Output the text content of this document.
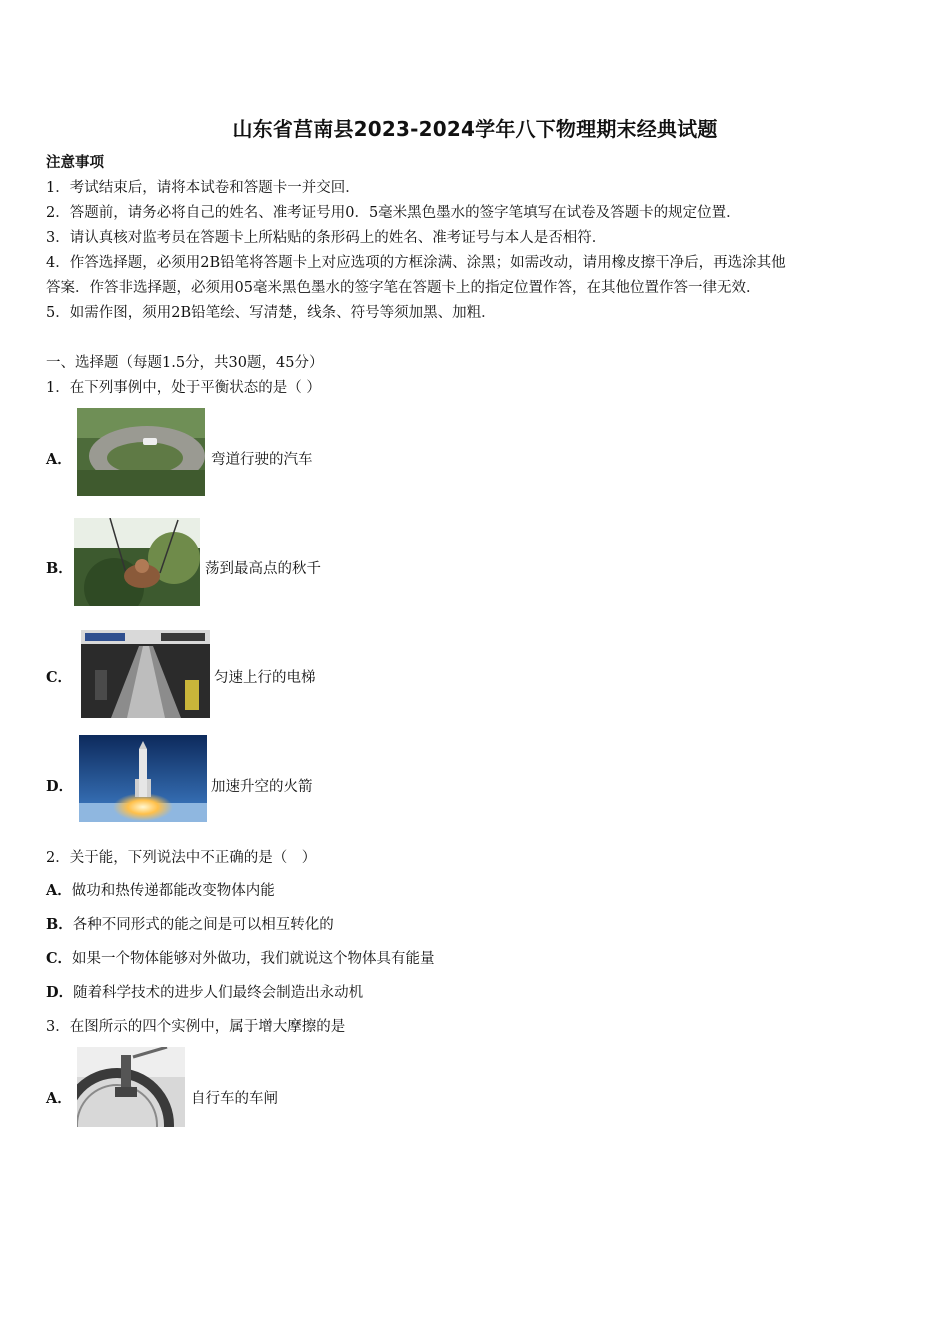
山东省莒南县2023-2024学年八下物理期末经典试题
注意事项
1．考试结束后，请将本试卷和答题卡一并交回．
2．答题前，请务必将自己的姓名、准考证号用0．5毫米黑色墨水的签字笔填写在试卷及答题卡的规定位置．
3．请认真核对监考员在答题卡上所粘贴的条形码上的姓名、准考证号与本人是否相符．
4．作答选择题，必须用2B铅笔将答题卡上对应选项的方框涂满、涂黑；如需改动，请用橡皮擦干净后，再选涂其他
答案．作答非选择题，必须用05毫米黑色墨水的签字笔在答题卡上的指定位置作答，在其他位置作答一律无效．
5．如需作图，须用2B铅笔绘、写清楚，线条、符号等须加黑、加粗．
一、选择题（每题1.5分，共30题，45分）
1．在下列事例中，处于平衡状态的是（ ）
A．	弯道行驶的汽车
B．	荡到最高点的秋千
C．	匀速上行的电梯
D．	加速升空的火箭
2．关于能，下列说法中不正确的是（　）
A．做功和热传递都能改变物体内能
B．各种不同形式的能之间是可以相互转化的
C．如果一个物体能够对外做功，我们就说这个物体具有能量
D．随着科学技术的进步人们最终会制造出永动机
3．在图所示的四个实例中，属于增大摩擦的是
A．	自行车的车闸
